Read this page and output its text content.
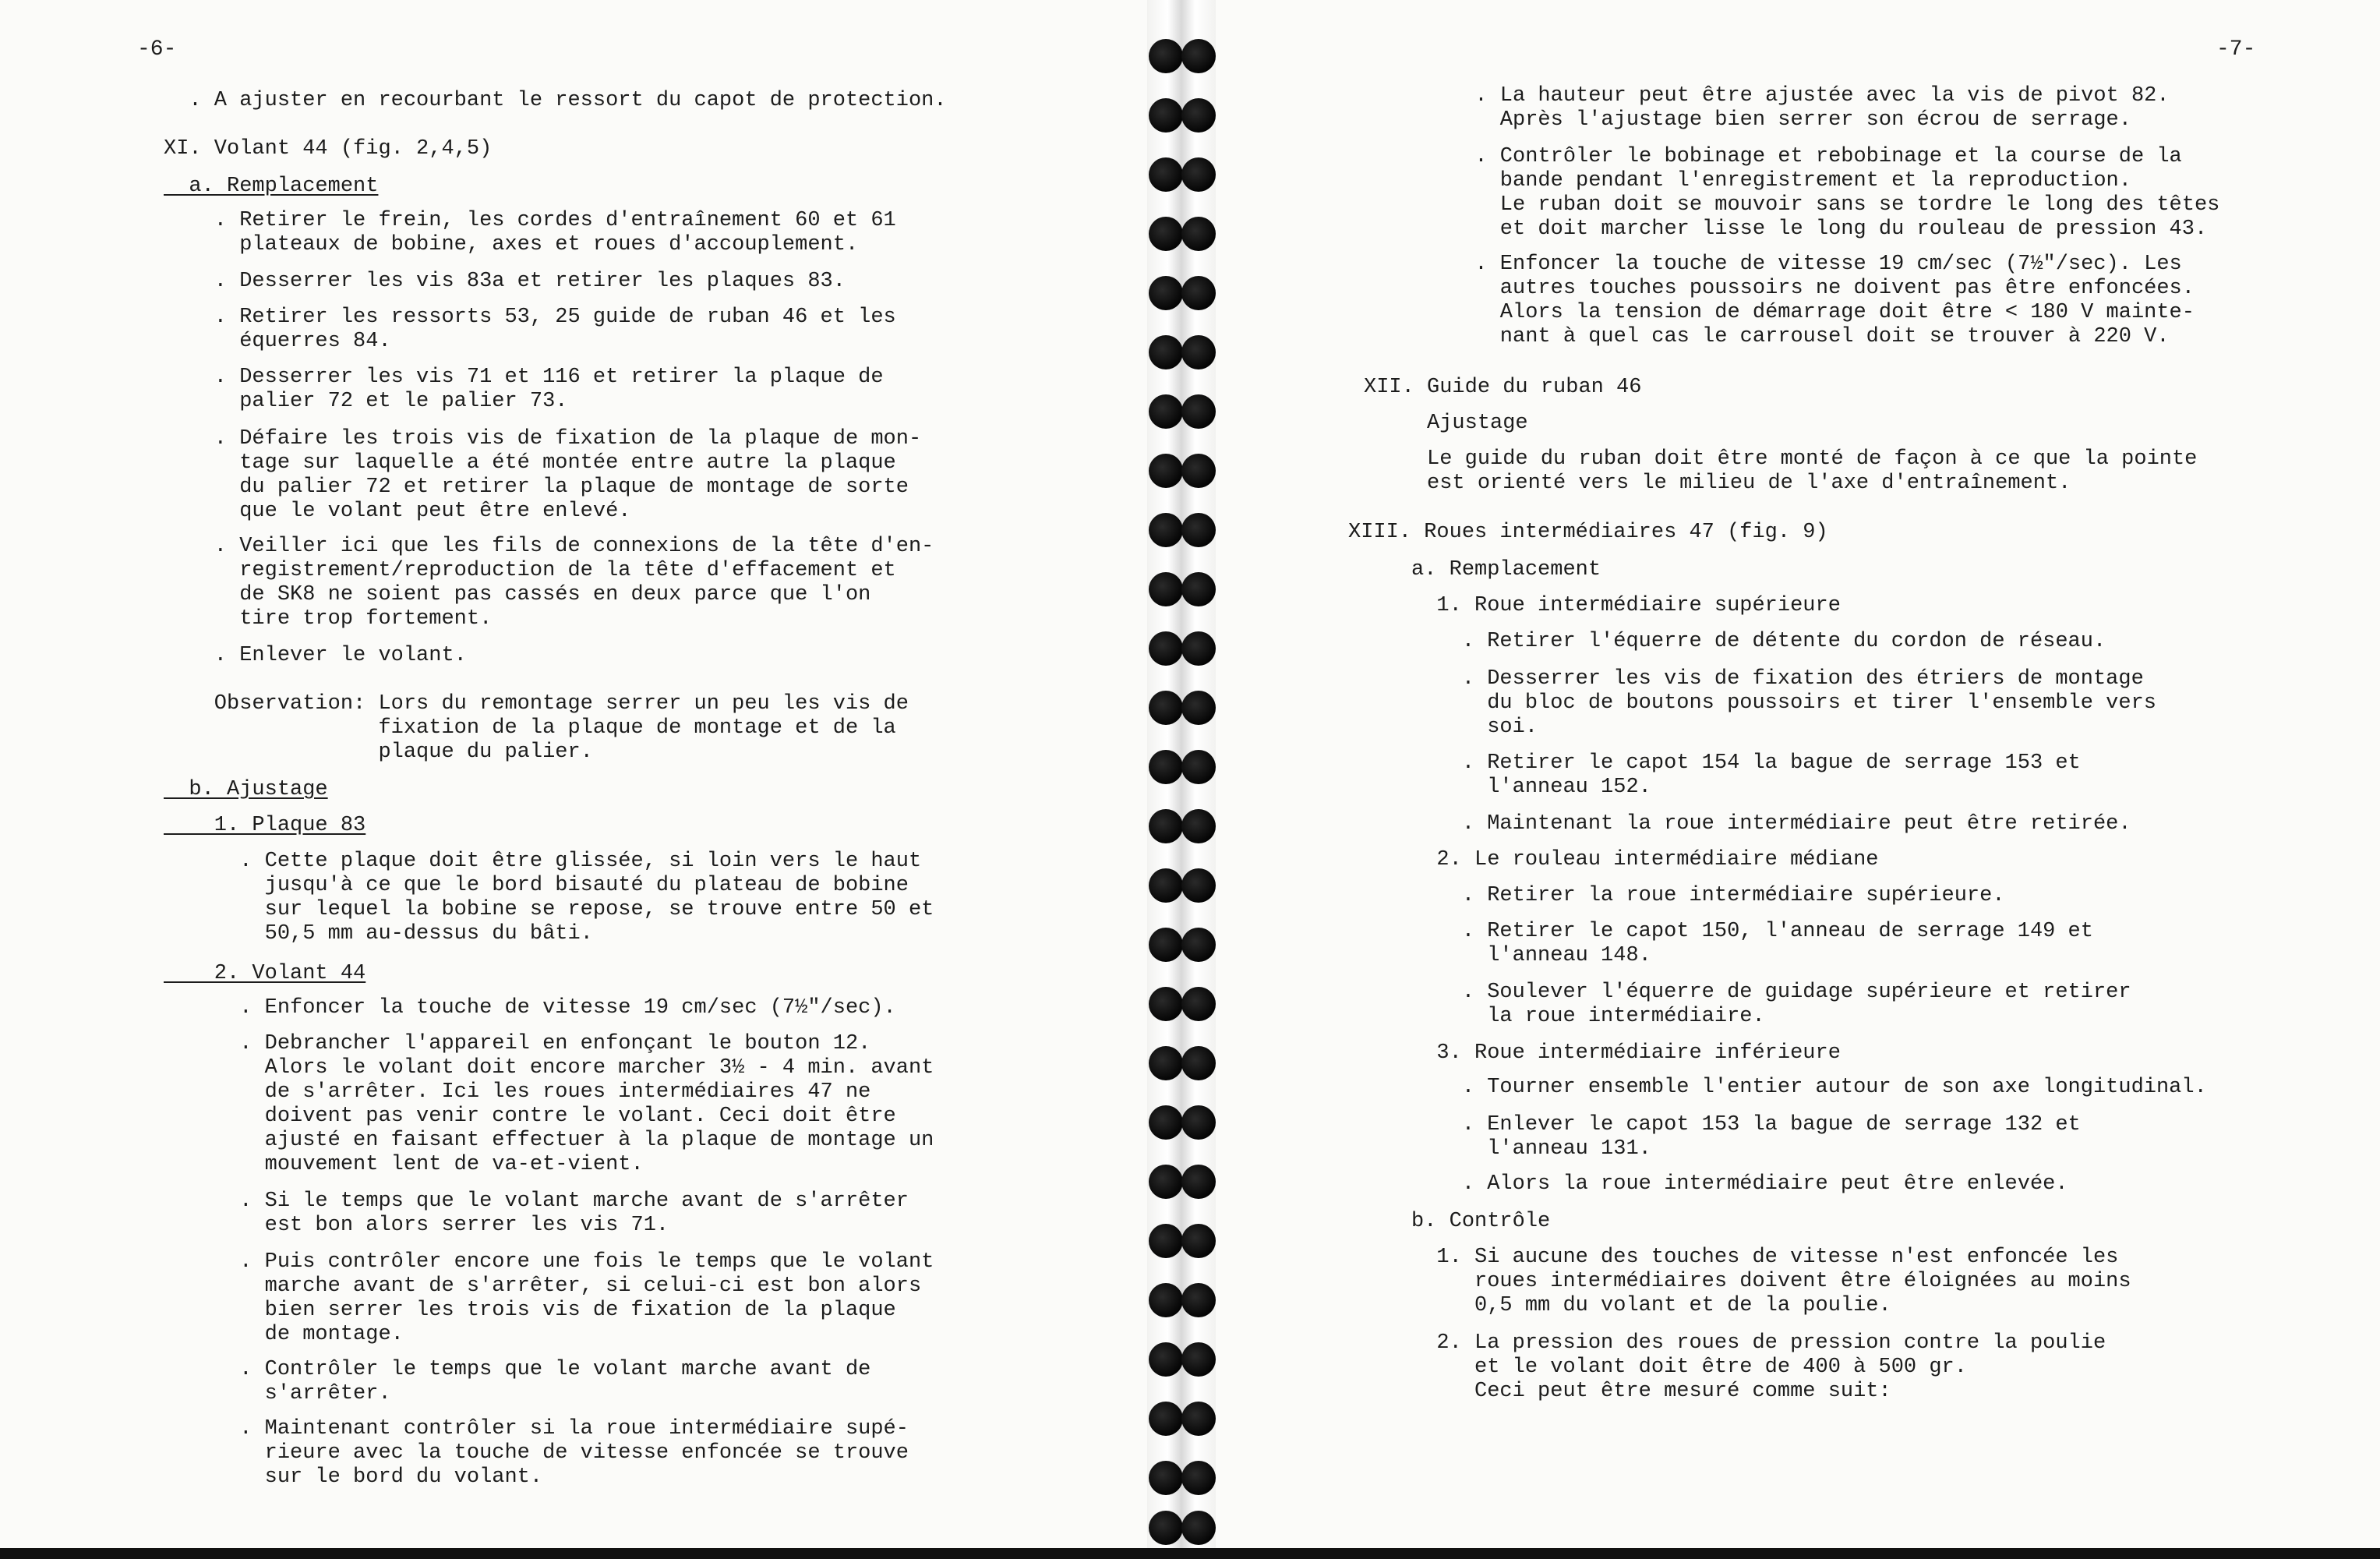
-6-
. A ajuster en recourbant le ressort du capot de protection.
XI. Volant 44 (fig. 2,4,5)
a. Remplacement
. Retirer le frein, les cordes d'entraînement 60 et 61
plateaux de bobine, axes et roues d'accouplement.
. Desserrer les vis 83a et retirer les plaques 83.
. Retirer les ressorts 53, 25 guide de ruban 46 et les
équerres 84.
. Desserrer les vis 71 et 116 et retirer la plaque de
palier 72 et le palier 73.
. Défaire les trois vis de fixation de la plaque de mon-
tage sur laquelle a été montée entre autre la plaque
du palier 72 et retirer la plaque de montage de sorte
que le volant peut être enlevé.
. Veiller ici que les fils de connexions de la tête d'en-
registrement/reproduction de la tête d'effacement et
de SK8 ne soient pas cassés en deux parce que l'on
tire trop fortement.
. Enlever le volant.
Observation: Lors du remontage serrer un peu les vis de
fixation de la plaque de montage et de la
plaque du palier.
b. Ajustage
1. Plaque 83
. Cette plaque doit être glissée, si loin vers le haut
jusqu'à ce que le bord bisauté du plateau de bobine
sur lequel la bobine se repose, se trouve entre 50 et
50,5 mm au-dessus du bâti.
2. Volant 44
. Enfoncer la touche de vitesse 19 cm/sec (7½"/sec).
. Debrancher l'appareil en enfonçant le bouton 12.
Alors le volant doit encore marcher 3½ - 4 min. avant
de s'arrêter. Ici les roues intermédiaires 47 ne
doivent pas venir contre le volant. Ceci doit être
ajusté en faisant effectuer à la plaque de montage un
mouvement lent de va-et-vient.
. Si le temps que le volant marche avant de s'arrêter
est bon alors serrer les vis 71.
. Puis contrôler encore une fois le temps que le volant
marche avant de s'arrêter, si celui-ci est bon alors
bien serrer les trois vis de fixation de la plaque
de montage.
. Contrôler le temps que le volant marche avant de
s'arrêter.
. Maintenant contrôler si la roue intermédiaire supé-
rieure avec la touche de vitesse enfoncée se trouve
sur le bord du volant.
-7-
. La hauteur peut être ajustée avec la vis de pivot 82.
Après l'ajustage bien serrer son écrou de serrage.
. Contrôler le bobinage et rebobinage et la course de la
bande pendant l'enregistrement et la reproduction.
Le ruban doit se mouvoir sans se tordre le long des têtes
et doit marcher lisse le long du rouleau de pression 43.
. Enfoncer la touche de vitesse 19 cm/sec (7½"/sec). Les
autres touches poussoirs ne doivent pas être enfoncées.
Alors la tension de démarrage doit être < 180 V mainte-
nant à quel cas le carrousel doit se trouver à 220 V.
XII. Guide du ruban 46
Ajustage
Le guide du ruban doit être monté de façon à ce que la pointe
est orienté vers le milieu de l'axe d'entraînement.
XIII. Roues intermédiaires 47 (fig. 9)
a. Remplacement
1. Roue intermédiaire supérieure
. Retirer l'équerre de détente du cordon de réseau.
. Desserrer les vis de fixation des étriers de montage
du bloc de boutons poussoirs et tirer l'ensemble vers
soi.
. Retirer le capot 154 la bague de serrage 153 et
l'anneau 152.
. Maintenant la roue intermédiaire peut être retirée.
2. Le rouleau intermédiaire médiane
. Retirer la roue intermédiaire supérieure.
. Retirer le capot 150, l'anneau de serrage 149 et
l'anneau 148.
. Soulever l'équerre de guidage supérieure et retirer
la roue intermédiaire.
3. Roue intermédiaire inférieure
. Tourner ensemble l'entier autour de son axe longitudinal.
. Enlever le capot 153 la bague de serrage 132 et
l'anneau 131.
. Alors la roue intermédiaire peut être enlevée.
b. Contrôle
1. Si aucune des touches de vitesse n'est enfoncée les
roues intermédiaires doivent être éloignées au moins
0,5 mm du volant et de la poulie.
2. La pression des roues de pression contre la poulie
et le volant doit être de 400 à 500 gr.
Ceci peut être mesuré comme suit:
